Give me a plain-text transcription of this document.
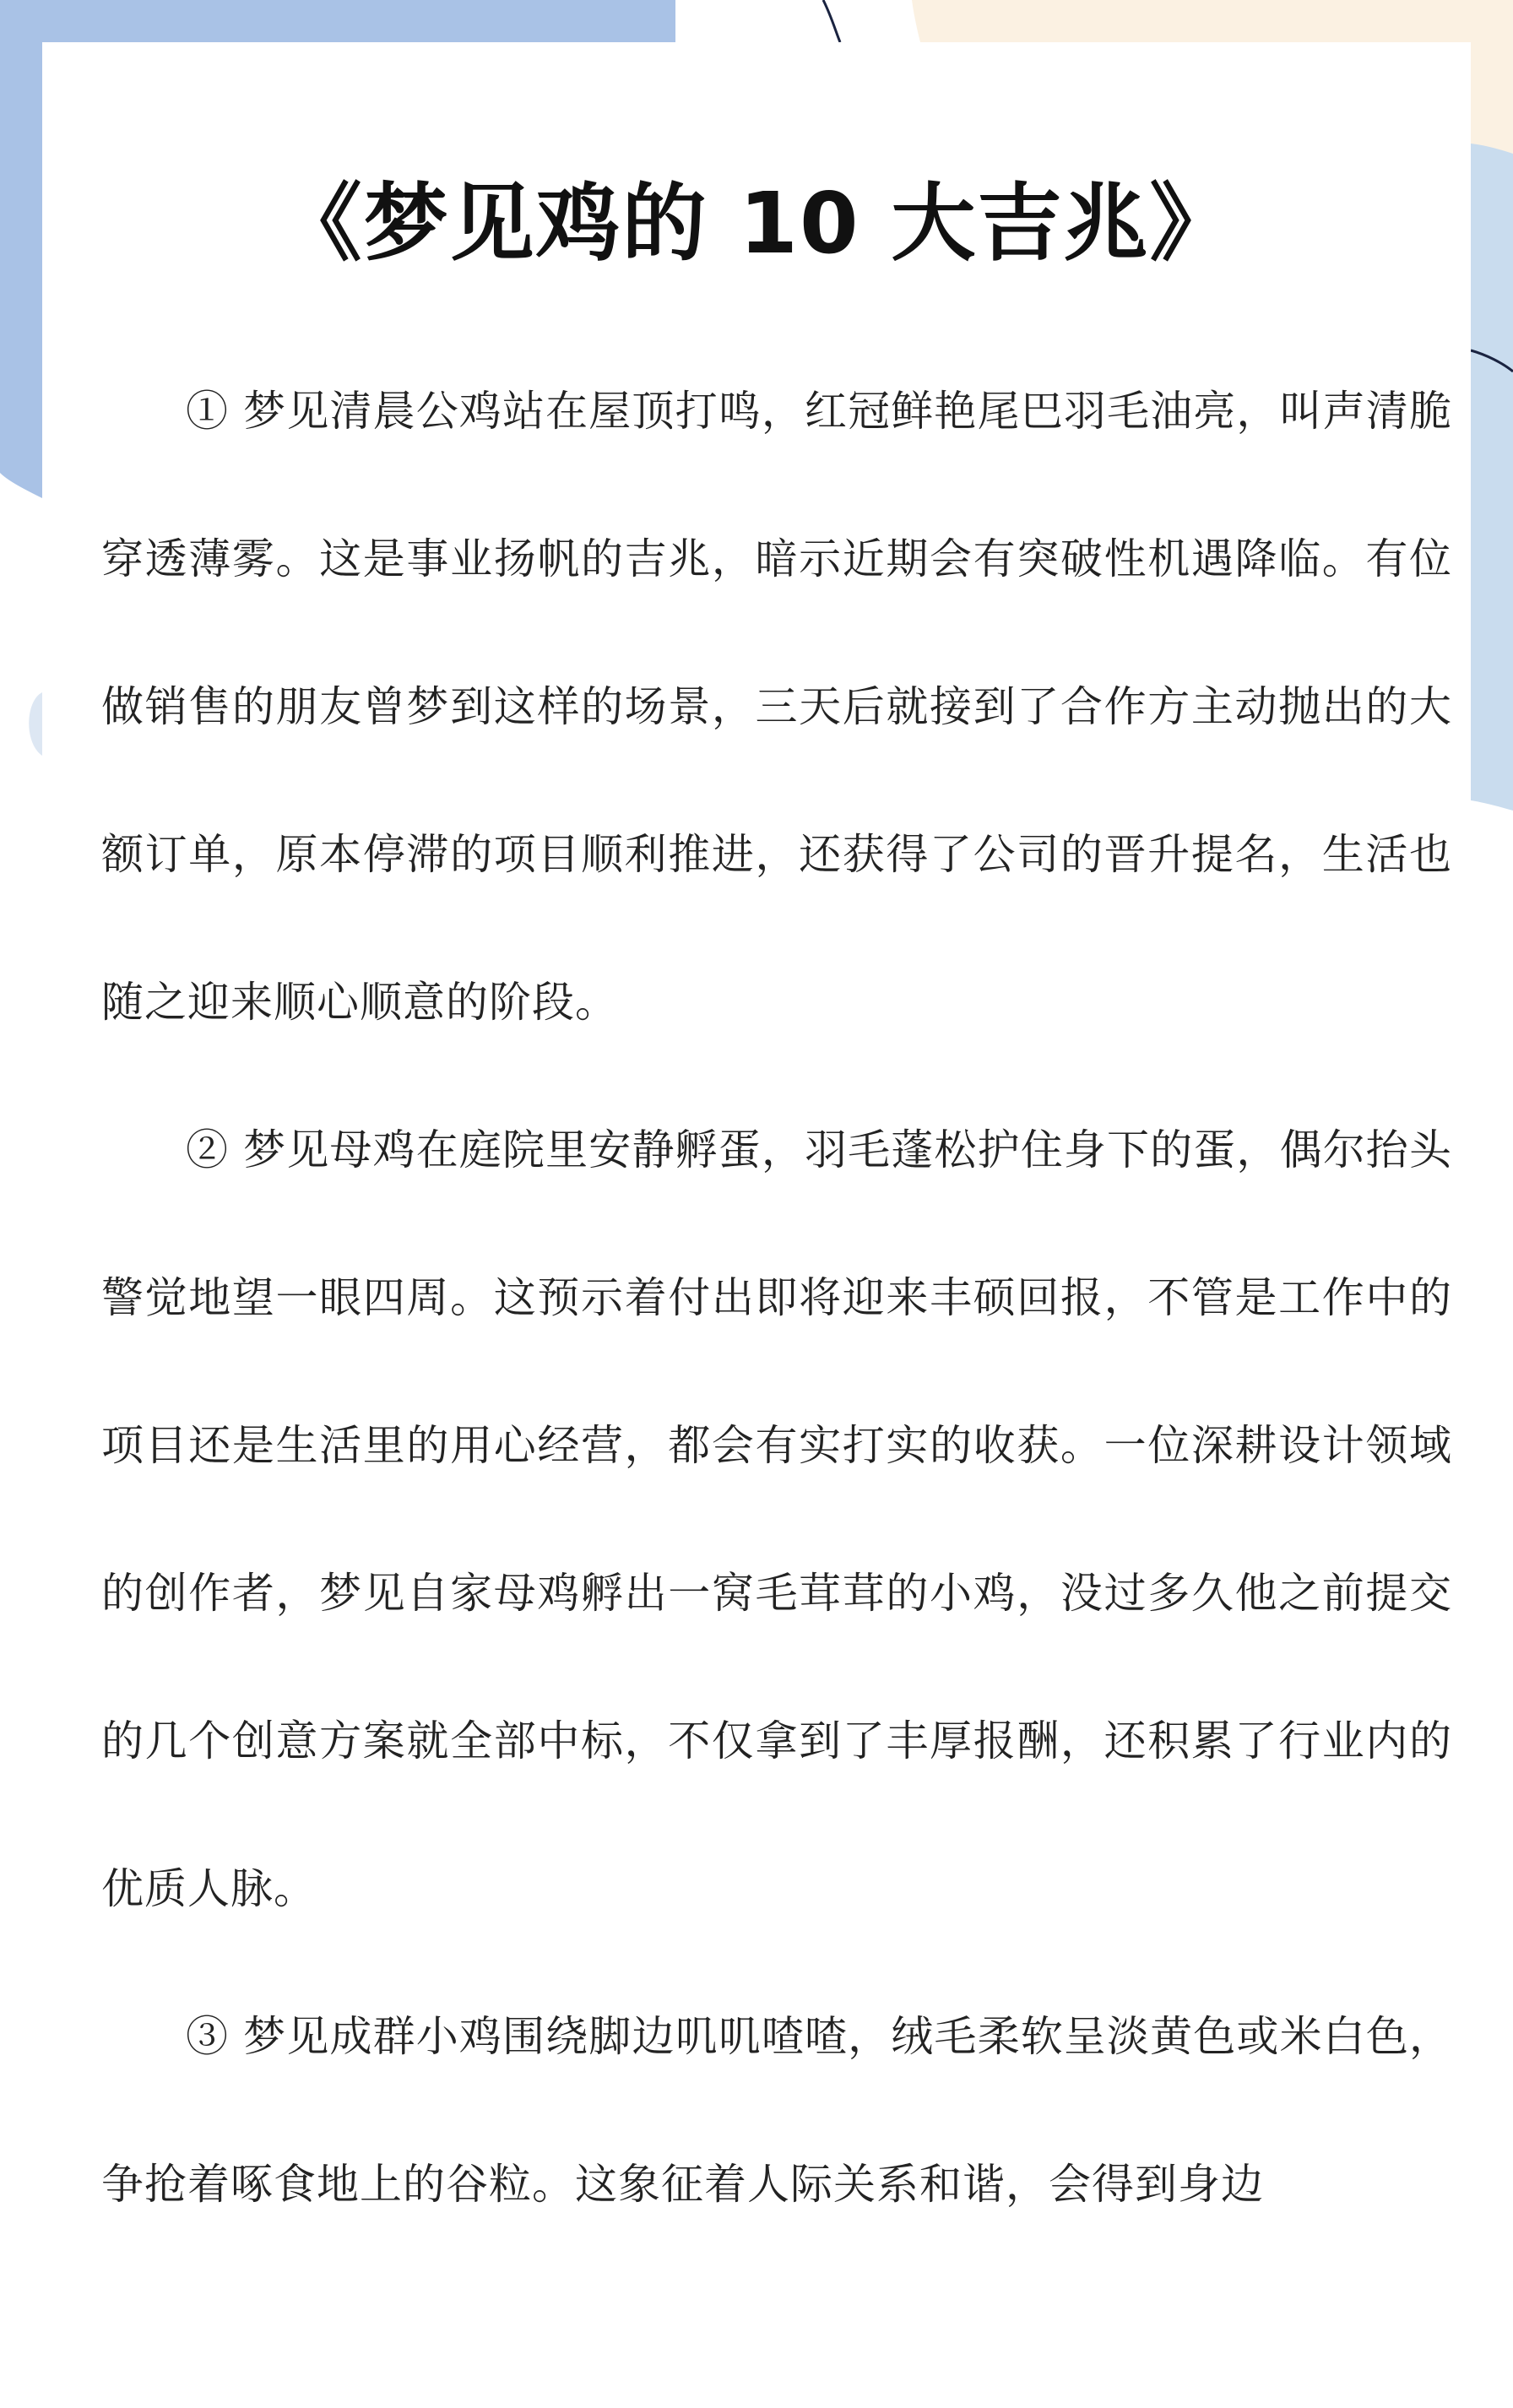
《梦见鸡的 10 大吉兆》

① 梦见清晨公鸡站在屋顶打鸣，红冠鲜艳尾巴羽毛油亮，叫声清脆穿透薄雾。这是事业扬帆的吉兆，暗示近期会有突破性机遇降临。有位做销售的朋友曾梦到这样的场景，三天后就接到了合作方主动抛出的大额订单，原本停滞的项目顺利推进，还获得了公司的晋升提名，生活也随之迎来顺心顺意的阶段。

② 梦见母鸡在庭院里安静孵蛋，羽毛蓬松护住身下的蛋，偶尔抬头警觉地望一眼四周。这预示着付出即将迎来丰硕回报，不管是工作中的项目还是生活里的用心经营，都会有实打实的收获。一位深耕设计领域的创作者，梦见自家母鸡孵出一窝毛茸茸的小鸡，没过多久他之前提交的几个创意方案就全部中标，不仅拿到了丰厚报酬，还积累了行业内的优质人脉。

③ 梦见成群小鸡围绕脚边叽叽喳喳，绒毛柔软呈淡黄色或米白色，争抢着啄食地上的谷粒。这象征着人际关系和谐，会得到身边
